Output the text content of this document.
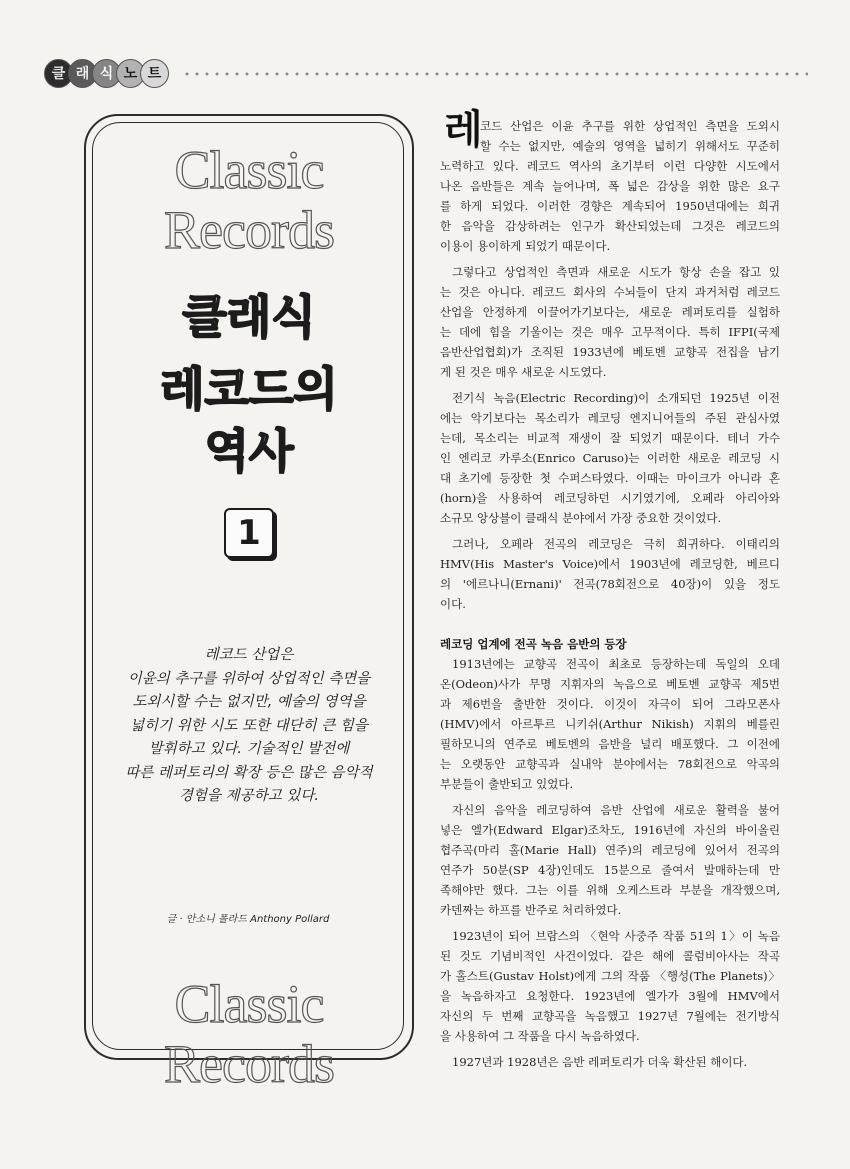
클 래 식 노 트
Classic Records
클래식
레코드의
역사
1
레코드 산업은
이윤의 추구를 위하여 상업적인 측면을
도외시할 수는 없지만, 예술의 영역을
넓히기 위한 시도 또한 대단히 큰 힘을
발휘하고 있다. 기술적인 발전에
따른 레퍼토리의 확장 등은 많은 음악적
경험을 제공하고 있다.
글 · 안소니 폴라드 Anthony Pollard
Classic Records
레
코드 산업은 이윤 추구를 위한 상업적인 측면을 도외시
할 수는 없지만, 예술의 영역을 넓히기 위해서도 꾸준히
노력하고 있다. 레코드 역사의 초기부터 이런 다양한 시도에서
나온 음반들은 계속 늘어나며, 폭 넓은 감상을 위한 많은 요구
를 하게 되었다. 이러한 경향은 계속되어 1950년대에는 희귀
한 음악을 감상하려는 인구가 확산되었는데 그것은 레코드의
이용이 용이하게 되었기 때문이다.
그렇다고 상업적인 측면과 새로운 시도가 항상 손을 잡고 있
는 것은 아니다. 레코드 회사의 수뇌들이 단지 과거처럼 레코드
산업을 안정하게 이끌어가기보다는, 새로운 레퍼토리를 실험하
는 데에 힘을 기울이는 것은 매우 고무적이다. 특히 IFPI(국제
음반산업협회)가 조직된 1933년에 베토벤 교향곡 전집을 남기
게 된 것은 매우 새로운 시도였다.
전기식 녹음(Electric Recording)이 소개되던 1925년 이전
에는 악기보다는 목소리가 레코딩 엔지니어들의 주된 관심사였
는데, 목소리는 비교적 재생이 잘 되었기 때문이다. 테너 가수
인 엔리코 카루소(Enrico Caruso)는 이러한 새로운 레코딩 시
대 초기에 등장한 첫 수퍼스타였다. 이때는 마이크가 아니라 혼
(horn)을 사용하여 레코딩하던 시기였기에, 오페라 아리아와
소규모 앙상블이 클래식 분야에서 가장 중요한 것이었다.
그러나, 오페라 전곡의 레코딩은 극히 희귀하다. 이태리의
HMV(His Master's Voice)에서 1903년에 레코딩한, 베르디
의 '에르나니(Ernani)' 전곡(78회전으로 40장)이 있을 정도
이다.
1913년에는 교향곡 전곡이 최초로 등장하는데 독일의 오데
온(Odeon)사가 무명 지휘자의 녹음으로 베토벤 교향곡 제5번
과 제6번을 출반한 것이다. 이것이 자극이 되어 그라모폰사
(HMV)에서 아르투르 니키쉬(Arthur Nikish) 지휘의 베를린
필하모니의 연주로 베토벤의 음반을 널리 배포했다. 그 이전에
는 오랫동안 교향곡과 실내악 분야에서는 78회전으로 악곡의
부분들이 출반되고 있었다.
자신의 음악을 레코딩하여 음반 산업에 새로운 활력을 불어
넣은 엘가(Edward Elgar)조차도, 1916년에 자신의 바이올린
협주곡(마리 홀(Marie Hall) 연주)의 레코딩에 있어서 전곡의
연주가 50분(SP 4장)인데도 15분으로 줄여서 발매하는데 만
족해야만 했다. 그는 이를 위해 오케스트라 부분을 개작했으며,
카덴짜는 하프를 반주로 처리하였다.
1923년이 되어 브람스의 〈현악 사중주 작품 51의 1〉이 녹음
된 것도 기념비적인 사건이었다. 같은 해에 콜럼비아사는 작곡
가 홀스트(Gustav Holst)에게 그의 작품 〈행성(The Planets)〉
을 녹음하자고 요청한다. 1923년에 엘가가 3월에 HMV에서
자신의 두 번째 교향곡을 녹음했고 1927년 7월에는 전기방식
을 사용하여 그 작품을 다시 녹음하였다.
1927년과 1928년은 음반 레퍼토리가 더욱 확산된 해이다.
레코딩 업계에 전곡 녹음 음반의 등장
